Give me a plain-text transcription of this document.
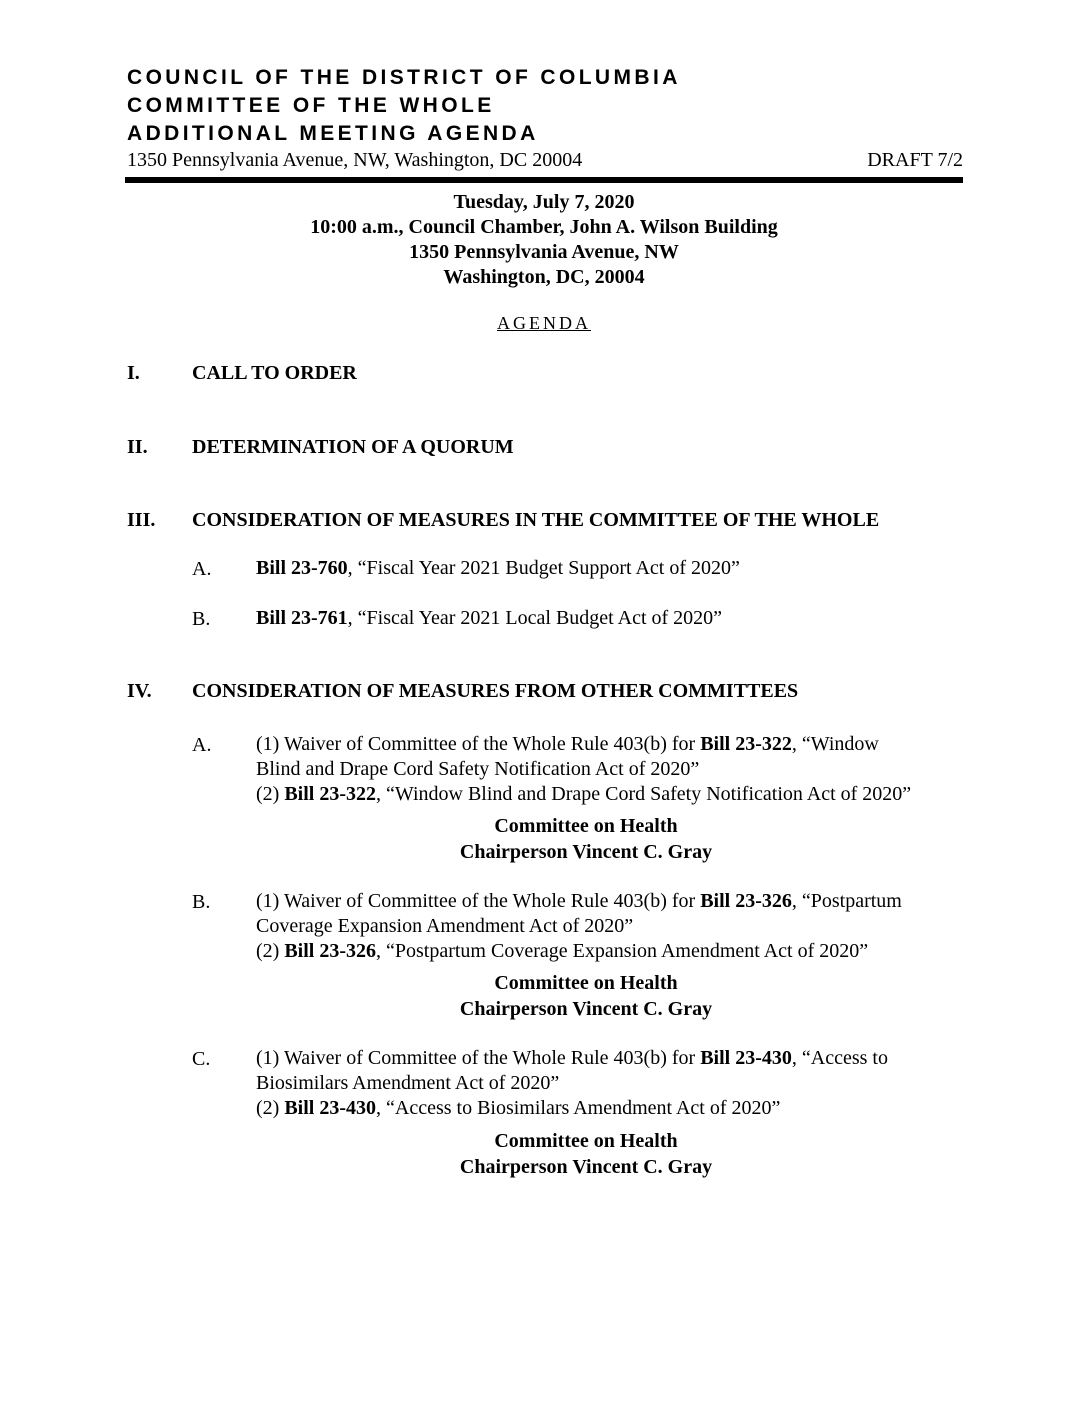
COUNCIL OF THE DISTRICT OF COLUMBIA
COMMITTEE OF THE WHOLE
ADDITIONAL MEETING AGENDA
1350 Pennsylvania Avenue, NW, Washington, DC 20004	DRAFT 7/2
Tuesday, July 7, 2020
10:00 a.m., Council Chamber, John A. Wilson Building
1350 Pennsylvania Avenue, NW
Washington, DC, 20004
AGENDA
I.	CALL TO ORDER
II. DETERMINATION OF A QUORUM
III. CONSIDERATION OF MEASURES IN THE COMMITTEE OF THE WHOLE
A. Bill 23-760, “Fiscal Year 2021 Budget Support Act of 2020”
B. Bill 23-761, “Fiscal Year 2021 Local Budget Act of 2020”
IV. CONSIDERATION OF MEASURES FROM OTHER COMMITTEES
A. (1) Waiver of Committee of the Whole Rule 403(b) for Bill 23-322, “Window
Blind and Drape Cord Safety Notification Act of 2020”
(2) Bill 23-322, “Window Blind and Drape Cord Safety Notification Act of 2020”
Committee on Health
Chairperson Vincent C. Gray
B. (1) Waiver of Committee of the Whole Rule 403(b) for Bill 23-326, “Postpartum
Coverage Expansion Amendment Act of 2020”
(2) Bill 23-326, “Postpartum Coverage Expansion Amendment Act of 2020”
Committee on Health
Chairperson Vincent C. Gray
C. (1) Waiver of Committee of the Whole Rule 403(b) for Bill 23-430, “Access to
Biosimilars Amendment Act of 2020”
(2) Bill 23-430, “Access to Biosimilars Amendment Act of 2020”
Committee on Health
Chairperson Vincent C. Gray
